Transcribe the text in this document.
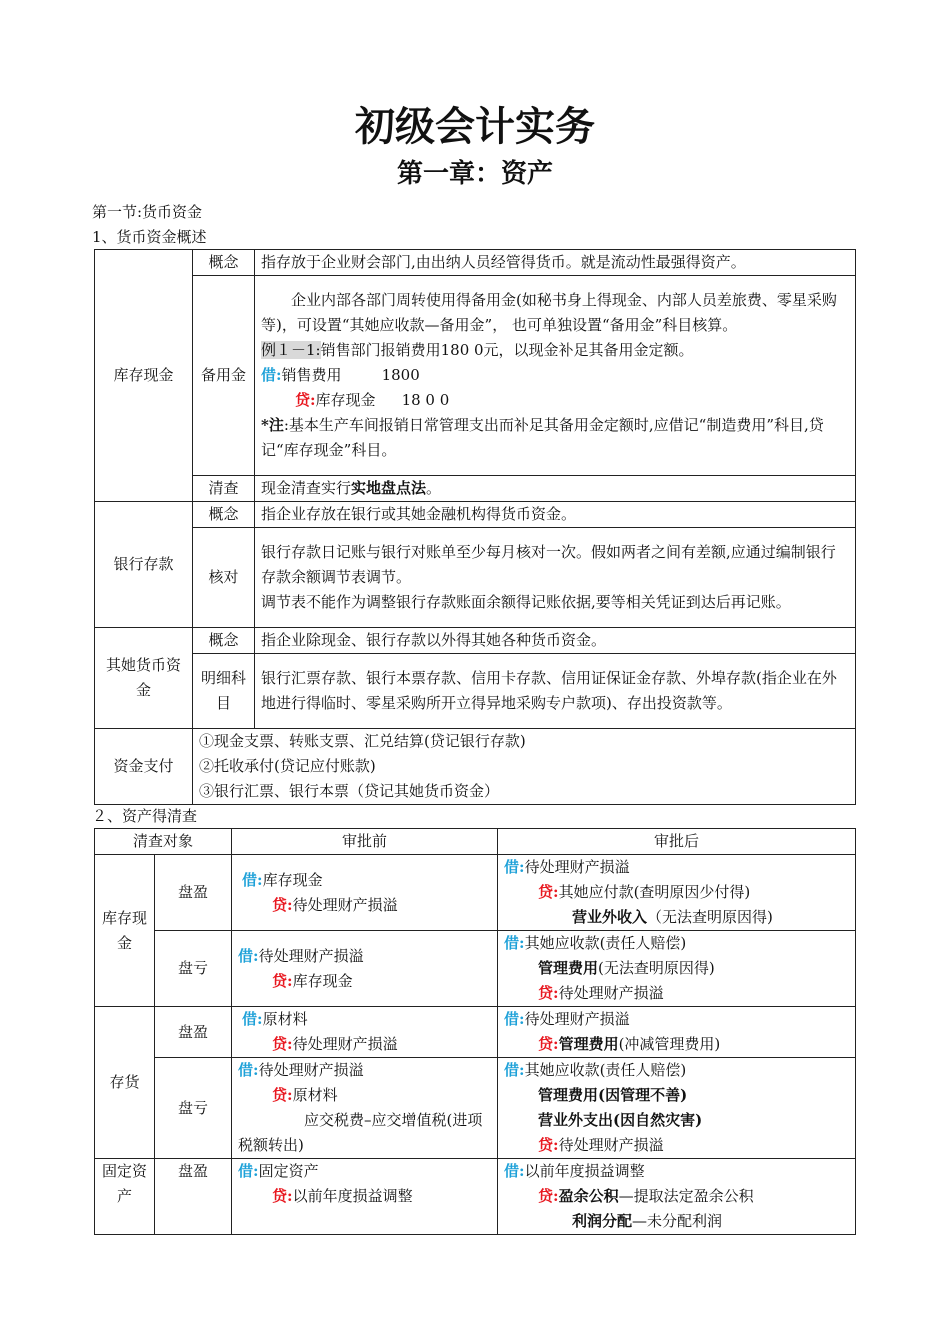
初级会计实务
第一章：资产
第一节:货币资金
1、货币资金概述
库存现金	概念	指存放于企业财会部门,由出纳人员经管得货币。就是流动性最强得资产。
	备用金	企业内部各部门周转使用得备用金(如秘书身上得现金、内部人员差旅费、零星采购等)，可设置“其她应收款—备用金”， 也可单独设置“备用金”科目核算。
例１－1:销售部门报销费用180 0元，以现金补足其备用金定额。
借:销售费用 1800
贷:库存现金 18 0 0
*注:基本生产车间报销日常管理支出而补足其备用金定额时,应借记“制造费用”科目,贷记“库存现金”科目。

	清查	现金清查实行实地盘点法。
银行存款	概念	指企业存放在银行或其她金融机构得货币资金。
	核对	银行存款日记账与银行对账单至少每月核对一次。假如两者之间有差额,应通过编制银行存款余额调节表调节。
调节表不能作为调整银行存款账面余额得记账依据,要等相关凭证到达后再记账。

其她货币资金	概念	指企业除现金、银行存款以外得其她各种货币资金。
	明细科目	银行汇票存款、银行本票存款、信用卡存款、信用证保证金存款、外埠存款(指企业在外地进行得临时、零星采购所开立得异地采购专户款项)、存出投资款等。
资金支付	①现金支票、转账支票、汇兑结算(贷记银行存款)
②托收承付(贷记应付账款)
③银行汇票、银行本票（贷记其她货币资金）	
２、资产得清查
清查对象		审批前	审批后
库存现金	盘盈	借:库存现金
贷:待处理财产损溢	借:待处理财产损溢
贷:其她应付款(查明原因少付得)
营业外收入（无法查明原因得)

	盘亏	借:待处理财产损溢
贷:库存现金	借:其她应收款(责任人赔偿)
管理费用(无法查明原因得)
贷:待处理财产损溢

存货	盘盈	借:原材料
贷:待处理财产损溢	借:待处理财产损溢
贷:管理费用(冲减管理费用)

	盘亏	借:待处理财产损溢
贷:原材料
应交税费–应交增值税(进项税额转出)	借:其她应收款(责任人赔偿)
管理费用(因管理不善)
营业外支出(因自然灾害)
贷:待处理财产损溢

固定资产	盘盈	借:固定资产
贷:以前年度损益调整	借:以前年度损益调整
贷:盈余公积—提取法定盈余公积
利润分配—未分配利润
